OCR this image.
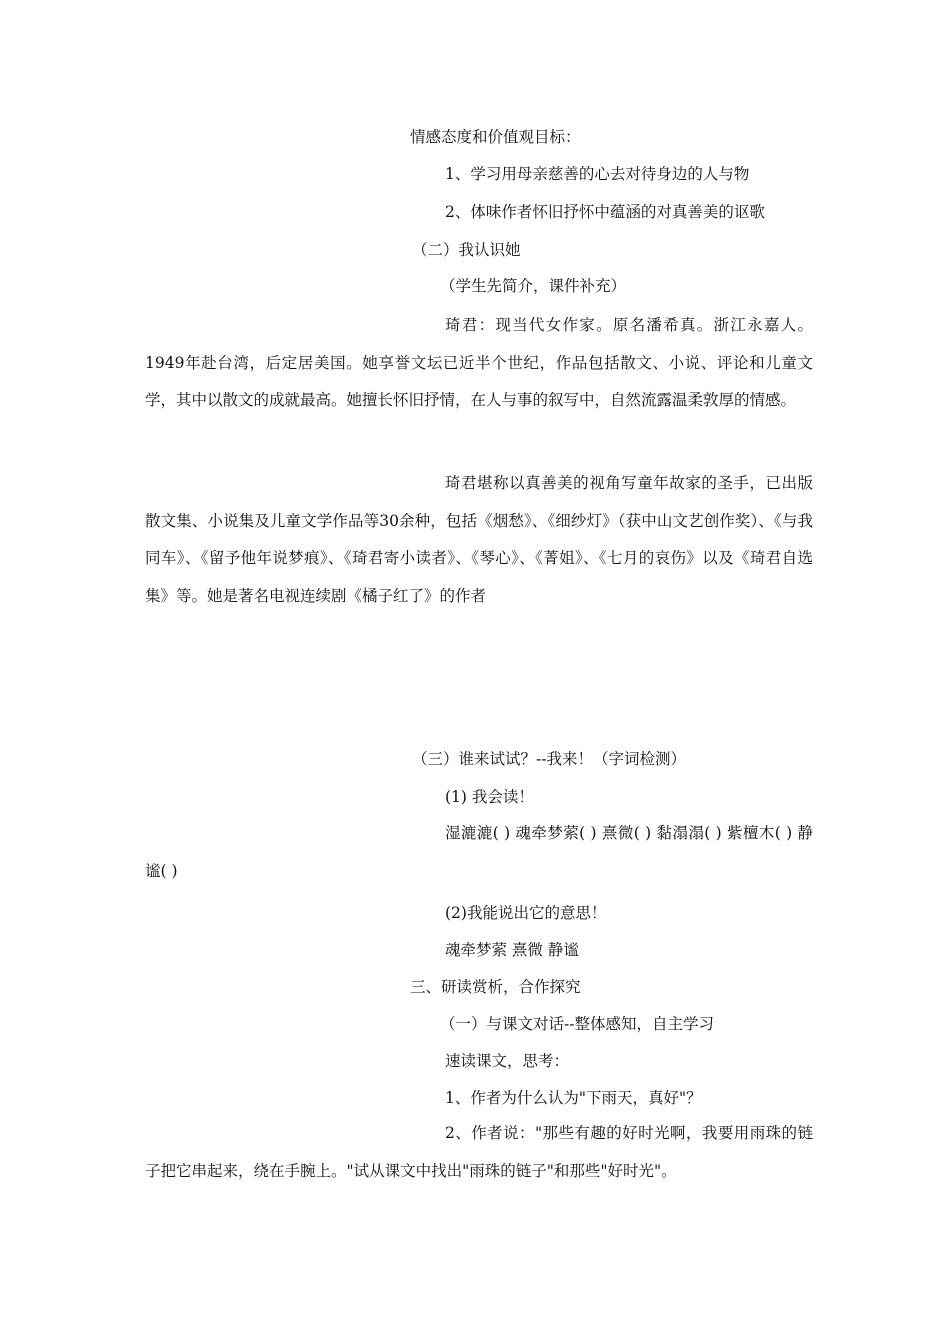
情感态度和价值观目标：
1、学习用母亲慈善的心去对待身边的人与物
2、体味作者怀旧抒怀中蕴涵的对真善美的讴歌
（二）我认识她
（学生先简介，课件补充）
琦君：现当代女作家。原名潘希真。浙江永嘉人。1949年赴台湾，后定居美国。她享誉文坛已近半个世纪，作品包括散文、小说、评论和儿童文学，其中以散文的成就最高。她擅长怀旧抒情，在人与事的叙写中，自然流露温柔敦厚的情感。
琦君堪称以真善美的视角写童年故家的圣手，已出版散文集、小说集及儿童文学作品等30余种，包括《烟愁》、《细纱灯》（获中山文艺创作奖）、《与我同车》、《留予他年说梦痕》、《琦君寄小读者》、《琴心》、《菁姐》、《七月的哀伤》以及《琦君自选集》等。她是著名电视连续剧《橘子红了》的作者
（三）谁来试试？--我来！（字词检测）
(1) 我会读！
湿漉漉( ) 魂牵梦萦( ) 熹微( ) 黏溻溻( ) 紫檀木( ) 静谧( )
(2)我能说出它的意思！
魂牵梦萦 熹微 静谧
三、研读赏析，合作探究
（一）与课文对话--整体感知，自主学习
速读课文，思考：
1、作者为什么认为"下雨天，真好"？
2、作者说："那些有趣的好时光啊，我要用雨珠的链子把它串起来，绕在手腕上。"试从课文中找出"雨珠的链子"和那些"好时光"。
